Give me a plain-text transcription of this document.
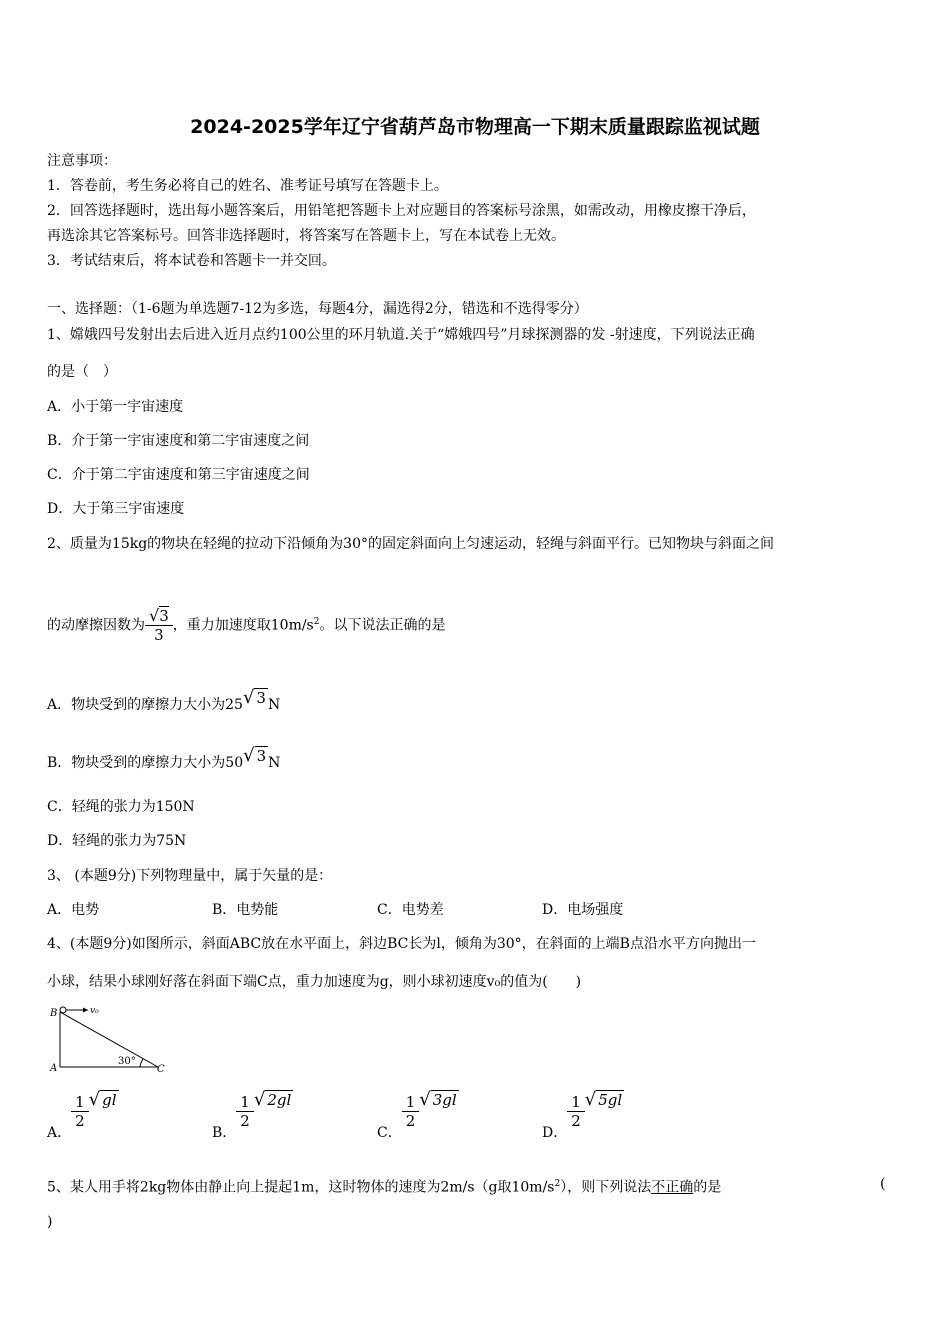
2024-2025学年辽宁省葫芦岛市物理高一下期末质量跟踪监视试题
注意事项：
1．答卷前，考生务必将自己的姓名、准考证号填写在答题卡上。
2．回答选择题时，选出每小题答案后，用铅笔把答题卡上对应题目的答案标号涂黑，如需改动，用橡皮擦干净后，
再选涂其它答案标号。回答非选择题时，将答案写在答题卡上，写在本试卷上无效。
3．考试结束后，将本试卷和答题卡一并交回。
一、选择题：（1-6题为单选题7-12为多选，每题4分，漏选得2分，错选和不选得零分）
1、嫦娥四号发射出去后进入近月点约100公里的环月轨道.关于“嫦娥四号”月球探测器的发 -射速度，下列说法正确
的是（　）
A．小于第一宇宙速度
B．介于第一宇宙速度和第二宇宙速度之间
C．介于第二宇宙速度和第三宇宙速度之间
D．大于第三宇宙速度
2、质量为15kg的物块在轻绳的拉动下沿倾角为30°的固定斜面向上匀速运动，轻绳与斜面平行。已知物块与斜面之间
的动摩擦因数为 $\frac{√3}{3}$ ，重力加速度取$10m/s^2$。以下说法正确的是
A．物块受到的摩擦力大小为25√ 3 N
B．物块受到的摩擦力大小为50√ 3 N
C．轻绳的张力为150N
D．轻绳的张力为75N
3、 (本题9分)下列物理量中，属于矢量的是：
A．电势	B．电势能	C．电势差	D．电场强度
4、(本题9分)如图所示，斜面ABC放在水平面上，斜边BC长为l，倾角为30°，在斜面的上端B点沿水平方向抛出一
小球，结果小球刚好落在斜面下端C点，重力加速度为g，则小球初速度v₀的值为(　　)
B
A	C
v₀
30°
A．
$\frac{1}{2}$ √ gl
B．
$\frac{1}{2}$ √ 2gl
C．
$\frac{1}{2}$ √ 3gl
D．
$\frac{1}{2}$ √ 5gl
5、某人用手将2kg物体由静止向上提起1m，这时物体的速度为2m/s（g取$10m/s^2$），则下列说法不正确的是	(
)
